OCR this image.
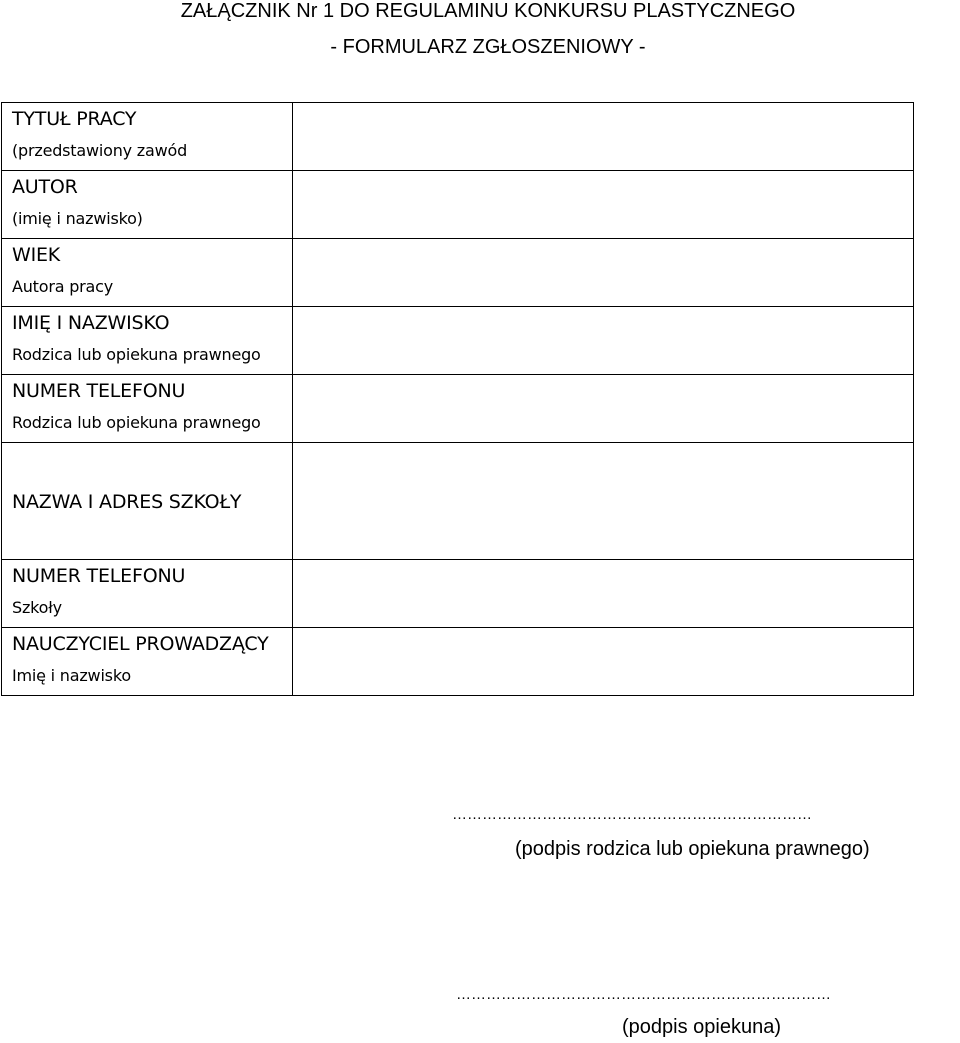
ZAŁĄCZNIK Nr 1 DO REGULAMINU KONKURSU PLASTYCZNEGO
- FORMULARZ ZGŁOSZENIOWY -
TYTUŁ PRACY
(przedstawiony zawód	

AUTOR
(imię i nazwisko)	

WIEK
Autora pracy	

IMIĘ I NAZWISKO
Rodzica lub opiekuna prawnego	

NUMER TELEFONU
Rodzica lub opiekuna prawnego	

NAZWA I ADRES SZKOŁY	

NUMER TELEFONU
Szkoły	

NAUCZYCIEL PROWADZĄCY
Imię i nazwisko	

………………………………………………………………
(podpis rodzica lub opiekuna prawnego)
…………………………………………………………………
(podpis opiekuna)
